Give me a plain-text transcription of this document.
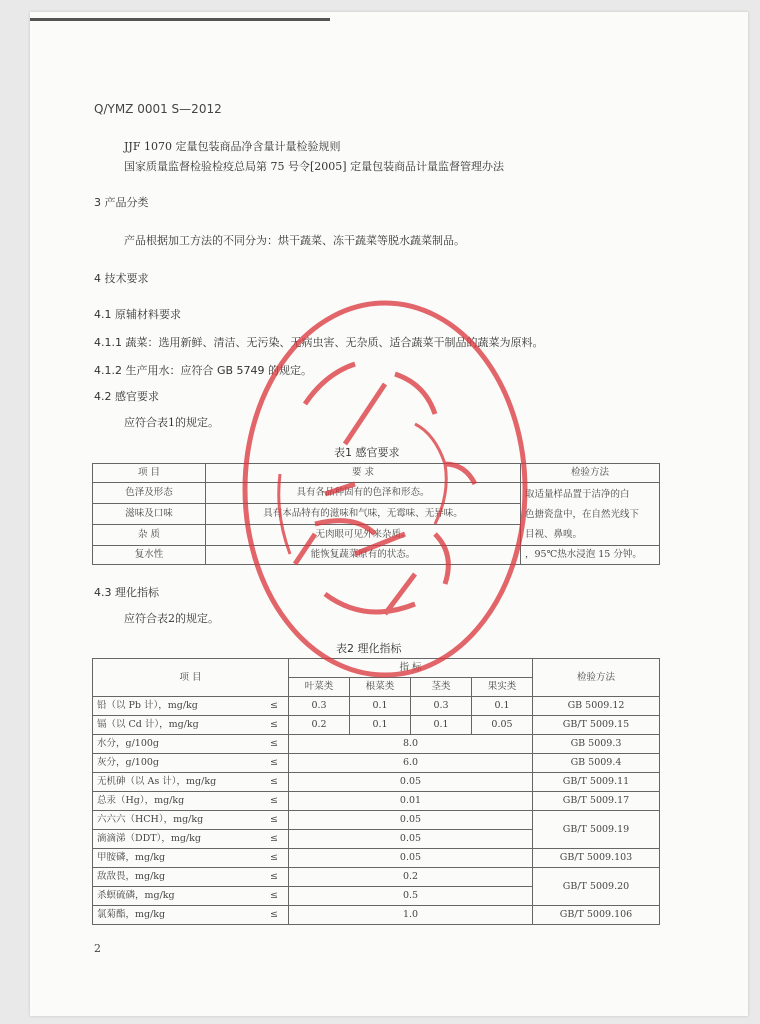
Q/YMZ 0001 S—2012
JJF 1070 定量包装商品净含量计量检验规则
国家质量监督检验检疫总局第 75 号令[2005] 定量包装商品计量监督管理办法
3 产品分类
产品根据加工方法的不同分为：烘干蔬菜、冻干蔬菜等脱水蔬菜制品。
4 技术要求
4.1 原辅材料要求
4.1.1 蔬菜：选用新鲜、清洁、无污染、无病虫害、无杂质、适合蔬菜干制品的蔬菜为原料。
4.1.2 生产用水：应符合 GB 5749 的规定。
4.2 感官要求
应符合表1的规定。
表1 感官要求
项 目	要 求	检验方法
色泽及形态	具有各品种固有的色泽和形态。	取适量样品置于洁净的白
色搪瓷盘中，在自然光线下
目视、鼻嗅。

滋味及口味	具有本品特有的滋味和气味，无霉味、无异味。	
杂 质	无肉眼可见外来杂质。	
复水性	能恢复蔬菜原有的状态。	，95℃热水浸泡 15 分钟。
4.3 理化指标
应符合表2的规定。
表2 理化指标
项 目		指 标				检验方法
		叶菜类	根菜类	茎类	果实类	
铅（以 Pb 计），mg/kg	≤	0.3	0.1	0.3	0.1	GB 5009.12
镉（以 Cd 计），mg/kg	≤	0.2	0.1	0.1	0.05	GB/T 5009.15
水分，g/100g	≤	8.0				GB 5009.3
灰分，g/100g	≤	6.0				GB 5009.4
无机砷（以 As 计），mg/kg	≤	0.05				GB/T 5009.11
总汞（Hg），mg/kg	≤	0.01				GB/T 5009.17
六六六（HCH），mg/kg	≤	0.05				GB/T 5009.19
滴滴涕（DDT），mg/kg	≤	0.05				
甲胺磷，mg/kg	≤	0.05				GB/T 5009.103
敌敌畏，mg/kg	≤	0.2				GB/T 5009.20
杀螟硫磷，mg/kg	≤	0.5				
氯菊酯，mg/kg	≤	1.0				GB/T 5009.106
2
